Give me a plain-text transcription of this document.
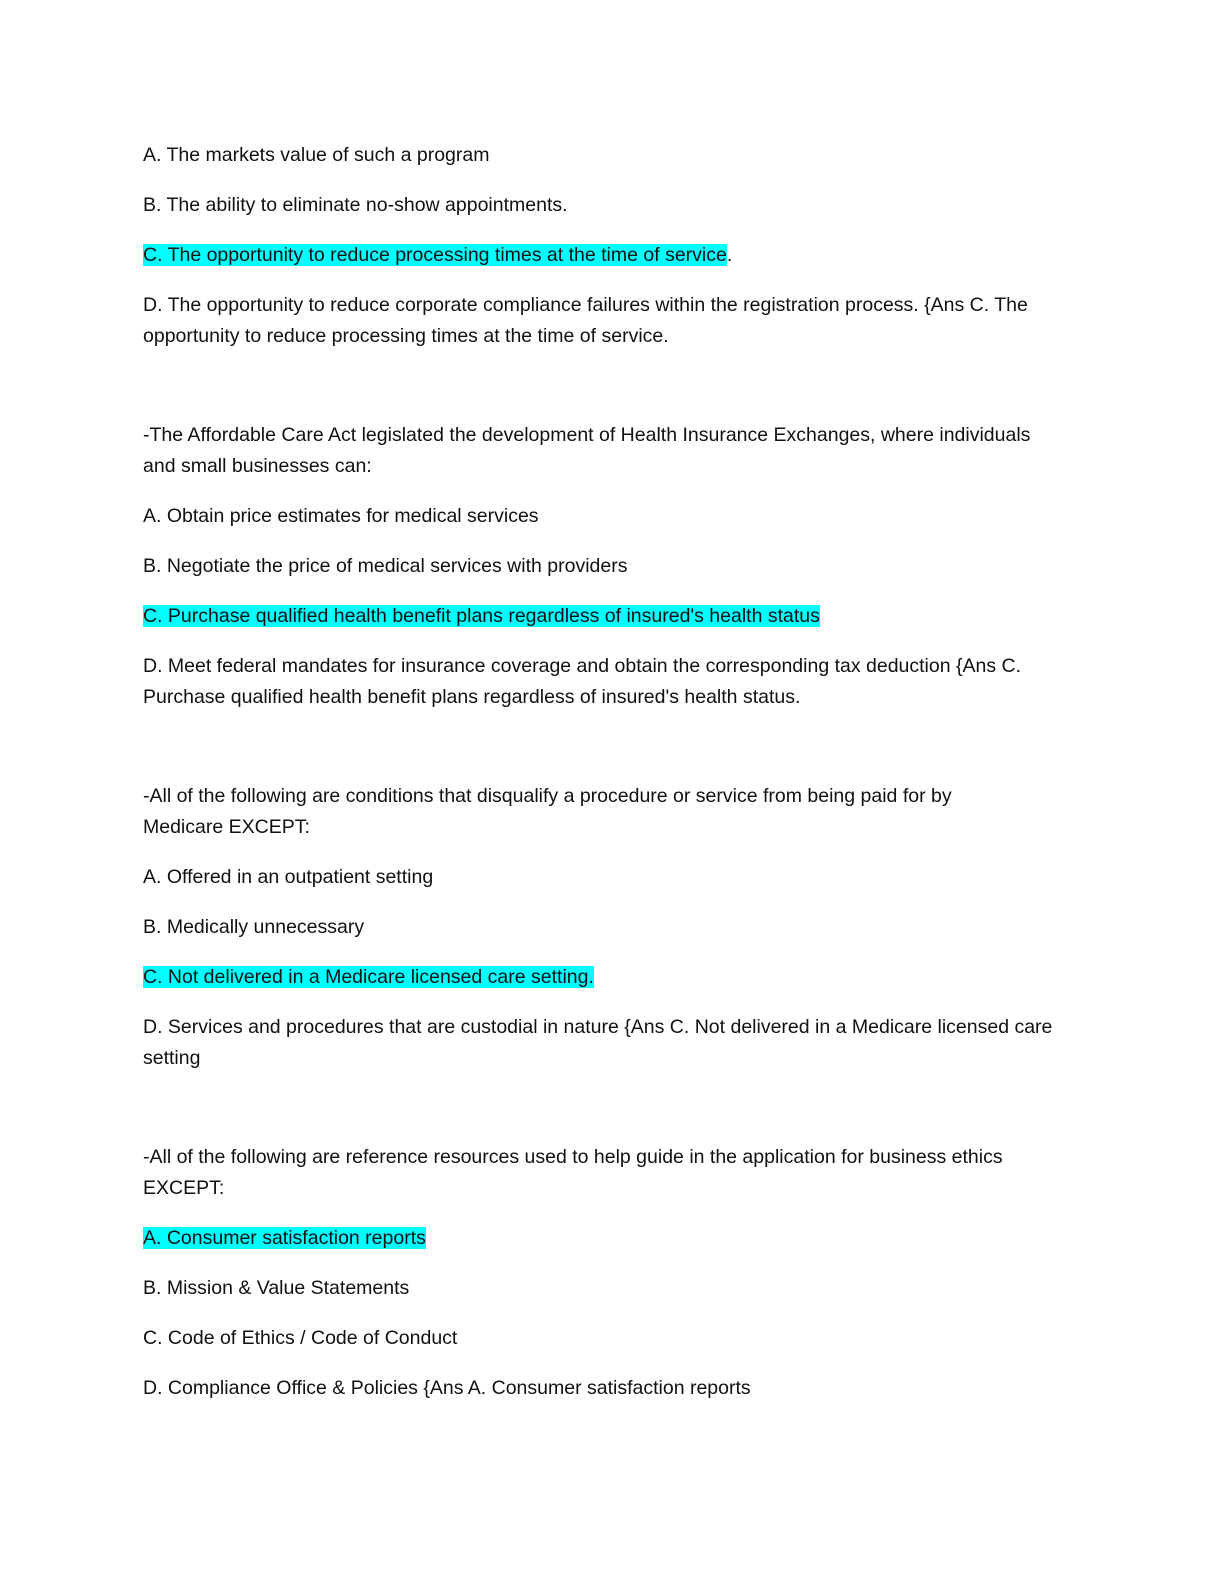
A. The markets value of such a program

B. The ability to eliminate no-show appointments.

C. The opportunity to reduce processing times at the time of service.

D. The opportunity to reduce corporate compliance failures within the registration process. {Ans C. The

opportunity to reduce processing times at the time of service.

-The Affordable Care Act legislated the development of Health Insurance Exchanges, where individuals

and small businesses can:

A. Obtain price estimates for medical services

B. Negotiate the price of medical services with providers

C. Purchase qualified health benefit plans regardless of insured's health status

D. Meet federal mandates for insurance coverage and obtain the corresponding tax deduction {Ans C.

Purchase qualified health benefit plans regardless of insured's health status.

-All of the following are conditions that disqualify a procedure or service from being paid for by

Medicare EXCEPT:

A. Offered in an outpatient setting

B. Medically unnecessary

C. Not delivered in a Medicare licensed care setting.

D. Services and procedures that are custodial in nature {Ans C. Not delivered in a Medicare licensed care

setting

-All of the following are reference resources used to help guide in the application for business ethics

EXCEPT:

A. Consumer satisfaction reports

B. Mission & Value Statements

C. Code of Ethics / Code of Conduct

D. Compliance Office & Policies {Ans A. Consumer satisfaction reports
